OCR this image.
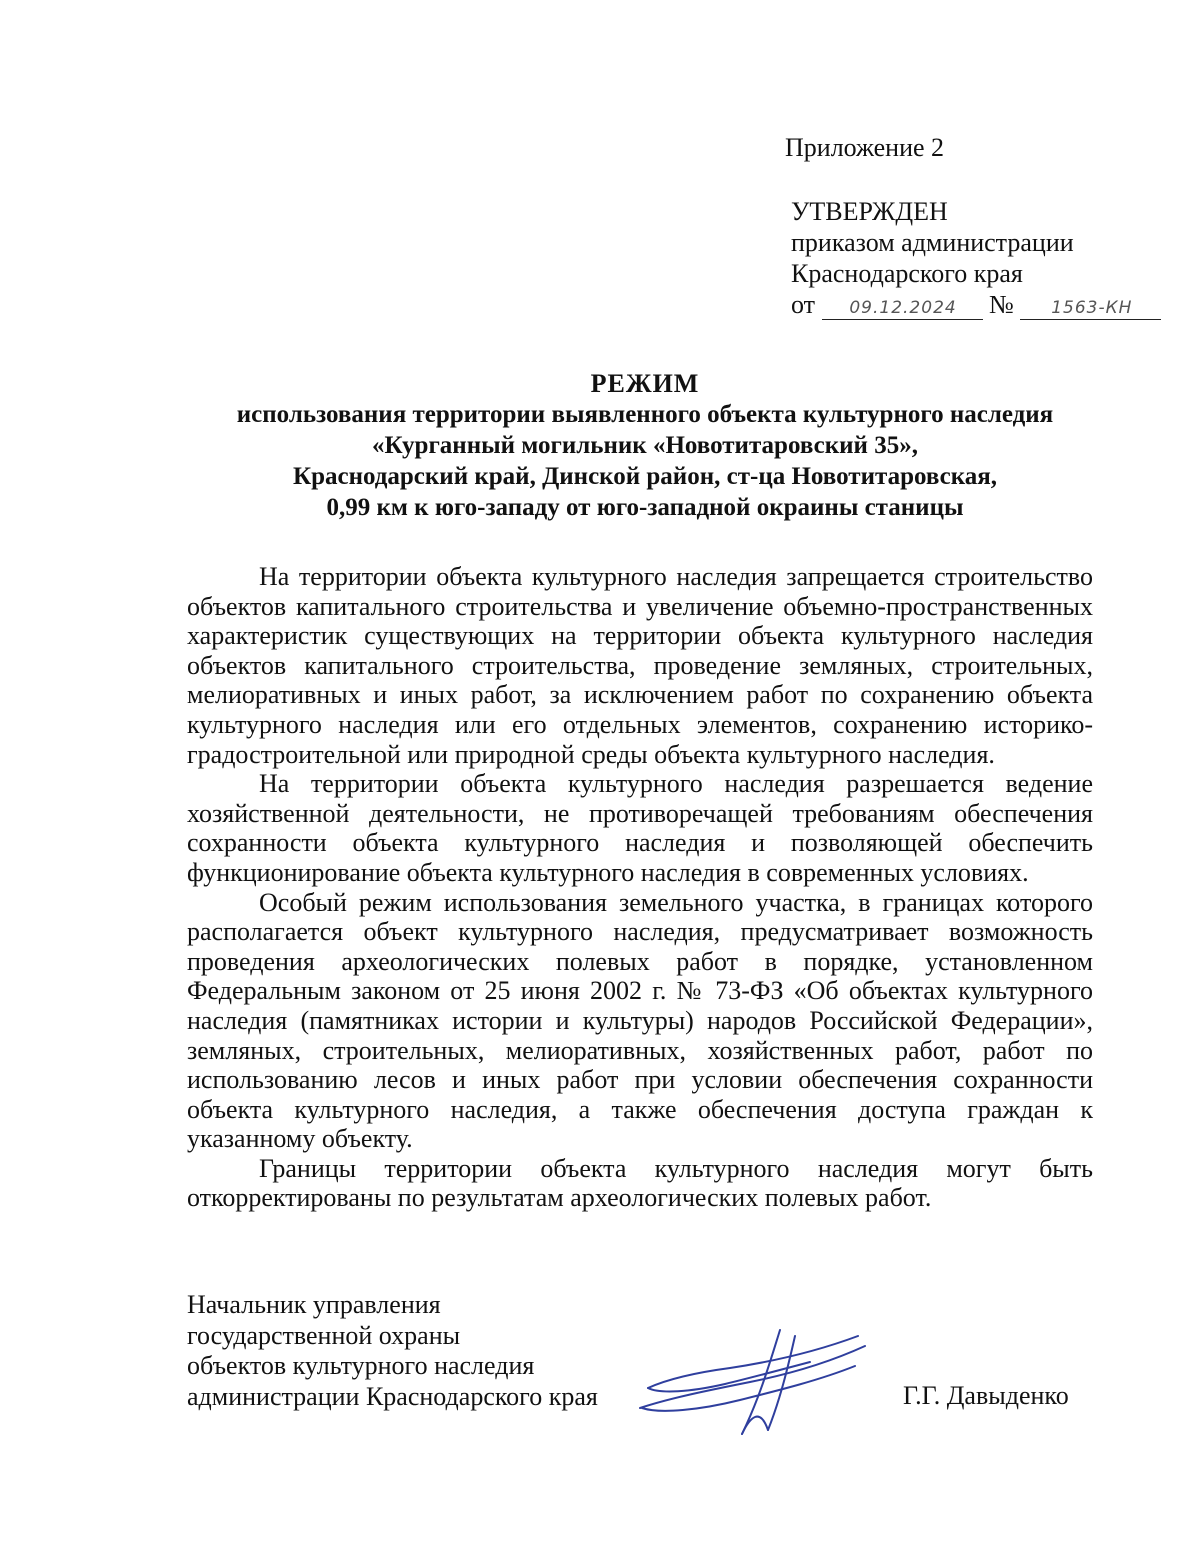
Приложение 2
УТВЕРЖДЕН
приказом администрации
Краснодарского края
от 09.12.2024 № 1563-КН
РЕЖИМ
использования территории выявленного объекта культурного наследия
«Курганный могильник «Новотитаровский 35»,
Краснодарский край, Динской район, ст-ца Новотитаровская,
0,99 км к юго-западу от юго-западной окраины станицы

На территории объекта культурного наследия запрещается строительство объектов капитального строительства и увеличение объемно-пространственных характеристик существующих на территории объекта культурного наследия объектов капитального строительства, проведение земляных, строительных, мелиоративных и иных работ, за исключением работ по сохранению объекта культурного наследия или его отдельных элементов, сохранению историко-градостроительной или природной среды объекта культурного наследия.

На территории объекта культурного наследия разрешается ведение хозяйственной деятельности, не противоречащей требованиям обеспечения сохранности объекта культурного наследия и позволяющей обеспечить функционирование объекта культурного наследия в современных условиях.

Особый режим использования земельного участка, в границах которого располагается объект культурного наследия, предусматривает возможность проведения археологических полевых работ в порядке, установленном Федеральным законом от 25 июня 2002 г. № 73-ФЗ «Об объектах культурного наследия (памятниках истории и культуры) народов Российской Федерации», земляных, строительных, мелиоративных, хозяйственных работ, работ по использованию лесов и иных работ при условии обеспечения сохранности объекта культурного наследия, а также обеспечения доступа граждан к указанному объекту.

Границы территории объекта культурного наследия могут быть откорректированы по результатам археологических полевых работ.

Начальник управления
государственной охраны
объектов культурного наследия
администрации Краснодарского края	Г.Г. Давыденко
